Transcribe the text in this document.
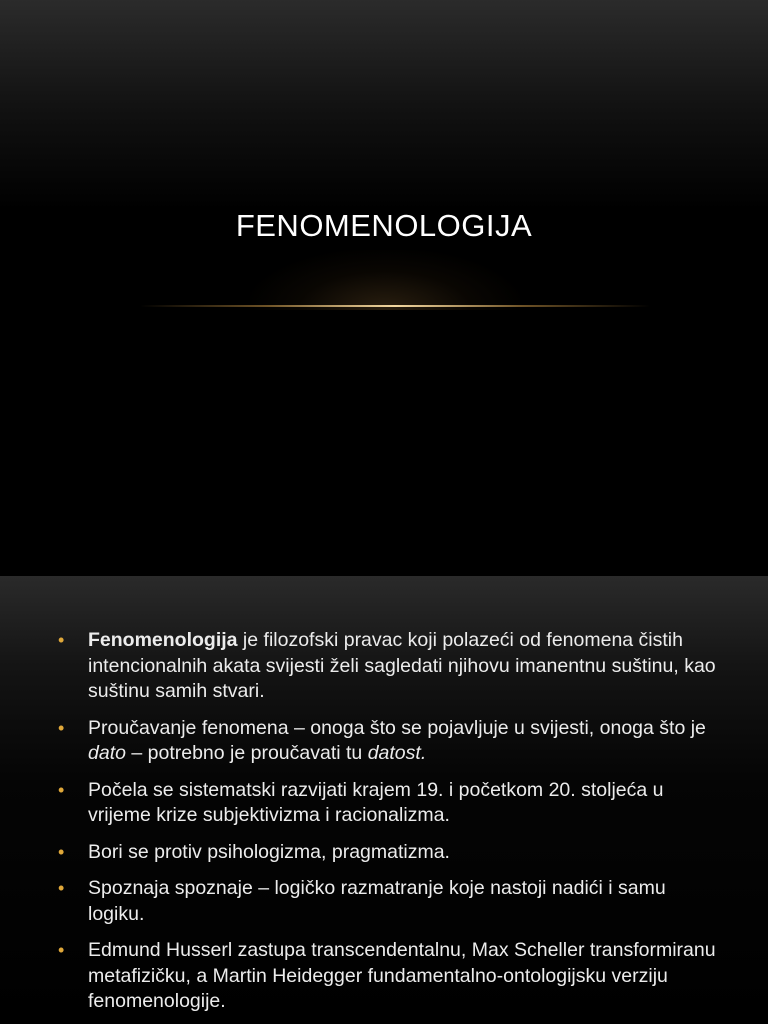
FENOMENOLOGIJA
• Fenomenologija je filozofski pravac koji polazeći od fenomena čistih intencionalnih akata svijesti želi sagledati njihovu imanentnu suštinu, kao suštinu samih stvari.
• Proučavanje fenomena – onoga što se pojavljuje u svijesti, onoga što je dato – potrebno je proučavati tu datost.
• Počela se sistematski razvijati krajem 19. i početkom 20. stoljeća u vrijeme krize subjektivizma i racionalizma.
• Bori se protiv psihologizma, pragmatizma.
• Spoznaja spoznaje – logičko razmatranje koje nastoji nadići i samu logiku.
• Edmund Husserl zastupa transcendentalnu, Max Scheller transformiranu metafizičku, a Martin Heidegger fundamentalno-ontologijsku verziju fenomenologije.
